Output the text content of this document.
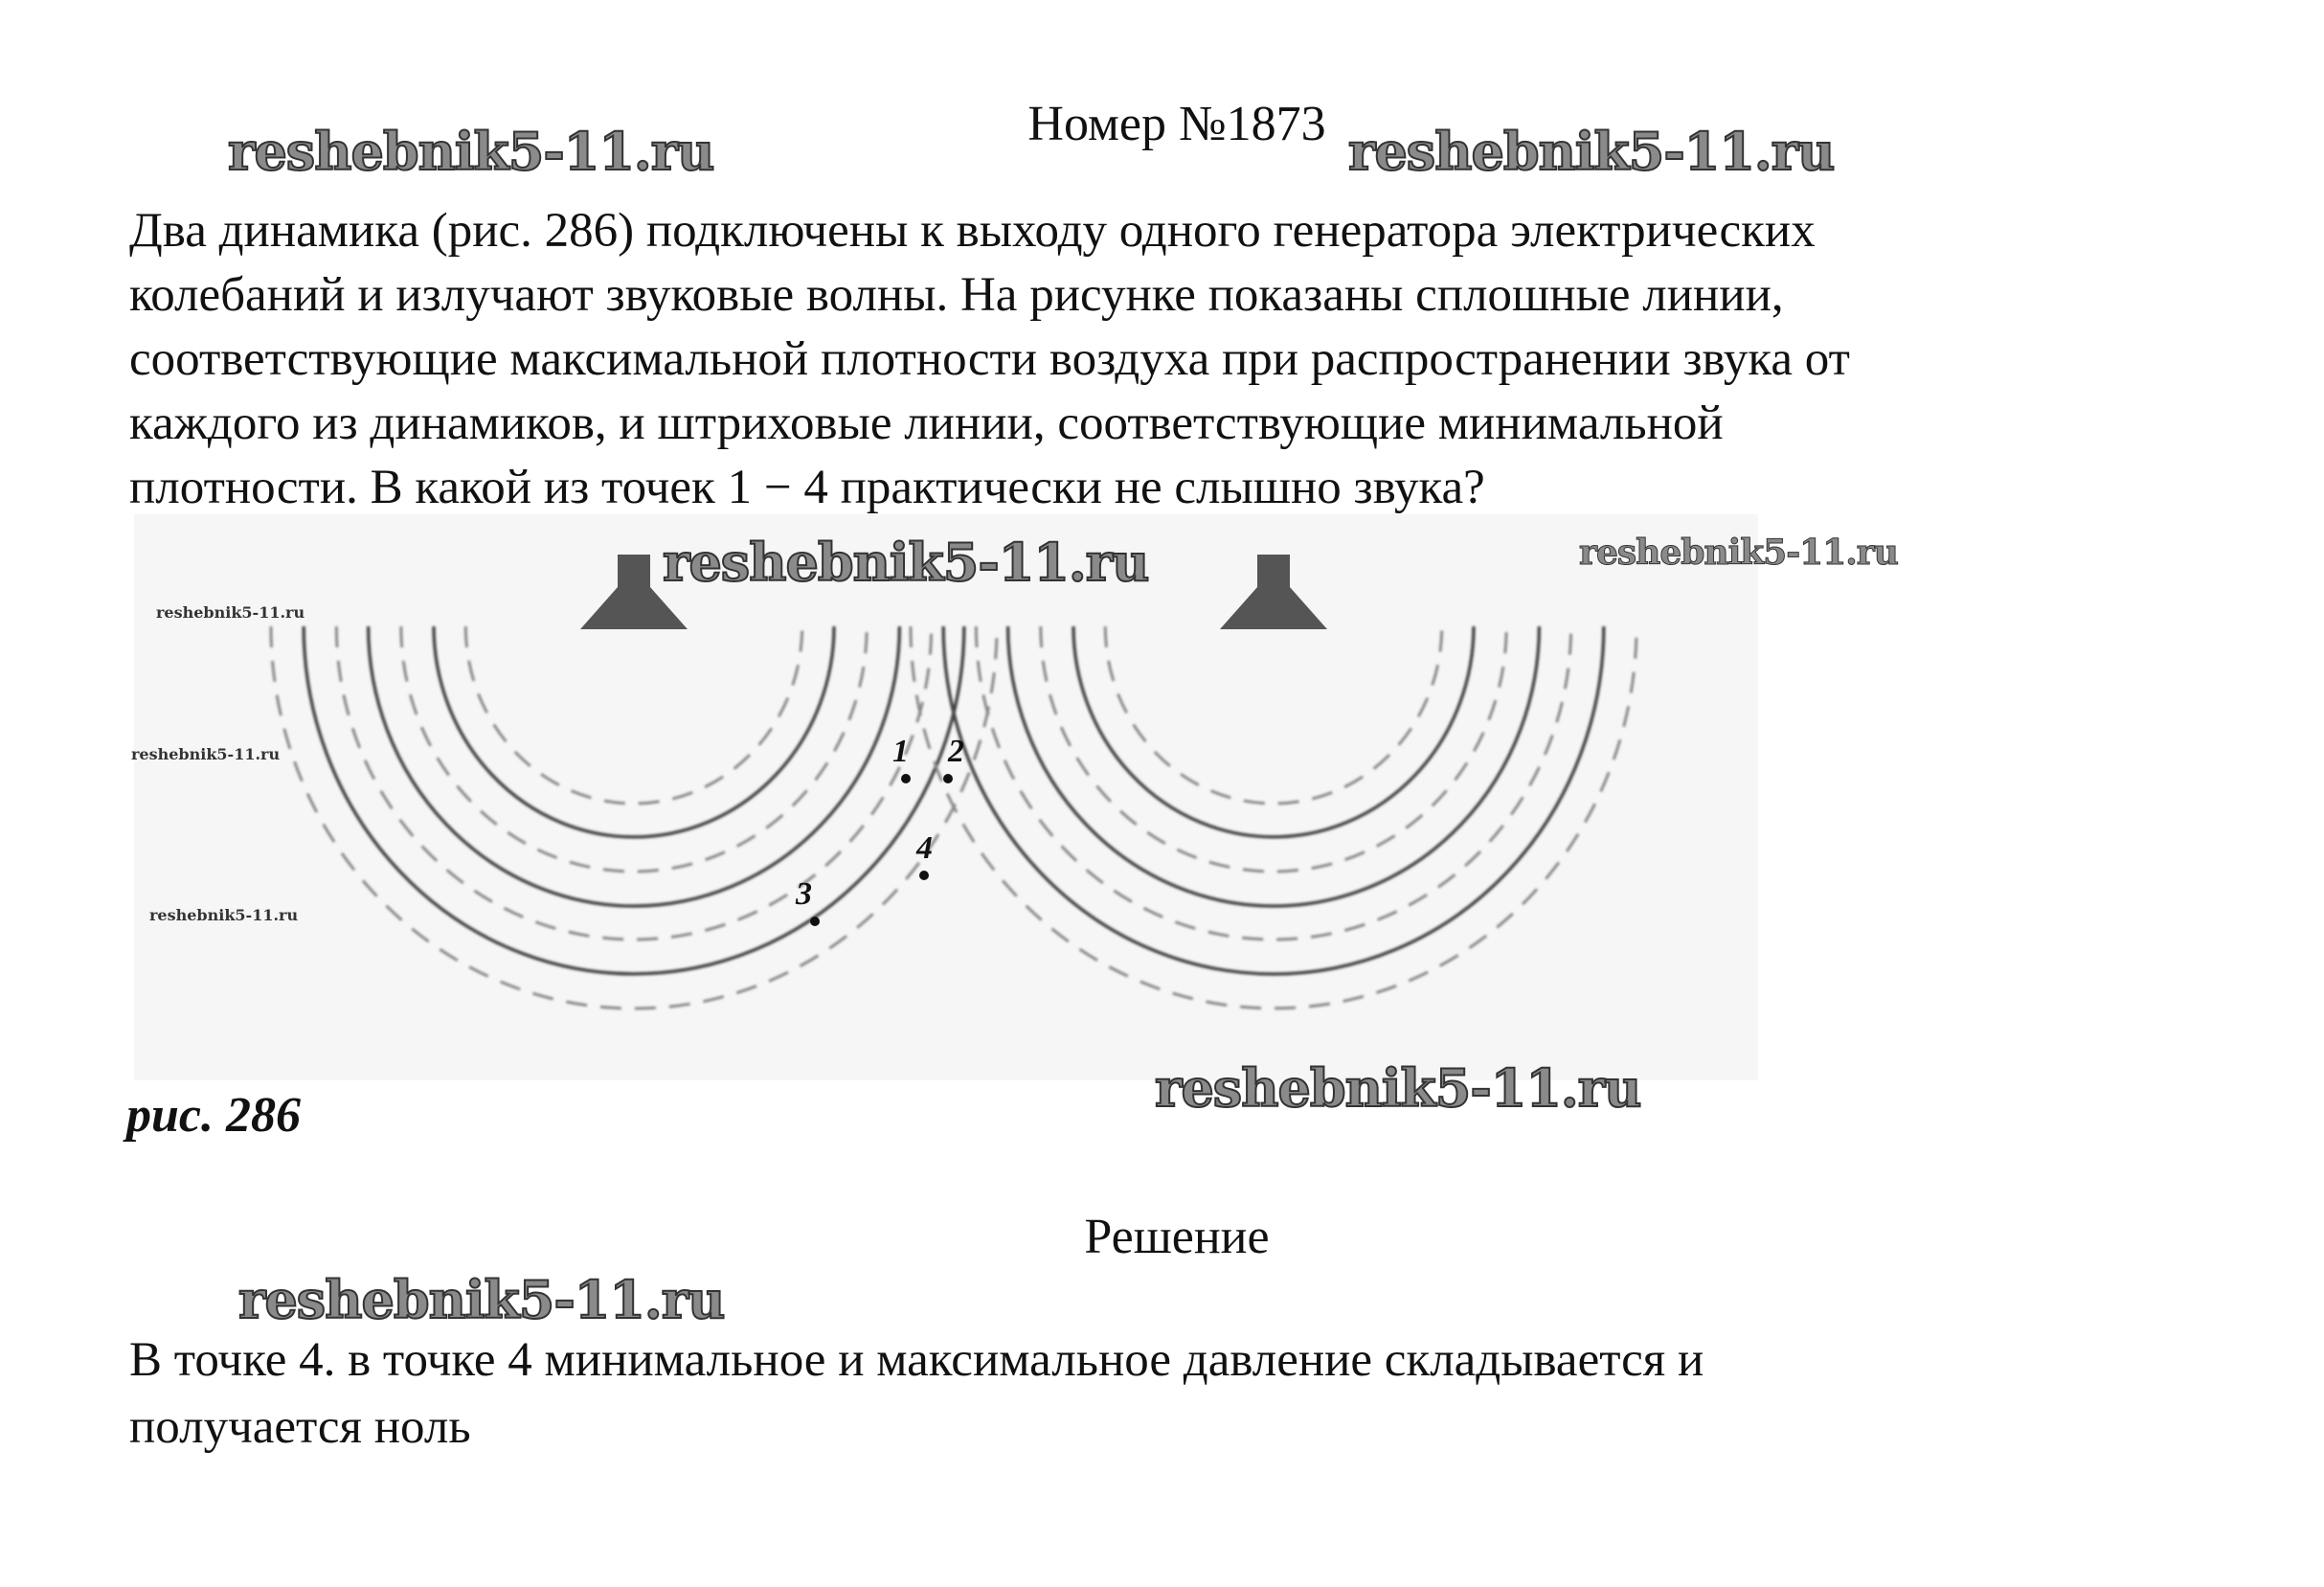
Номер №1873
Два динамика (рис. 286) подключены к выходу одного генератора электрических
колебаний и излучают звуковые волны. На рисунке показаны сплошные линии,
соответствующие максимальной плотности воздуха при распространении звука от
каждого из динамиков, и штриховые линии, соответствующие минимальной
плотности. В какой из точек 1 − 4 практически не слышно звука?
1 2
3
4
reshebnik5-11.ru	reshebnik5-11.ru
reshebnik5-11.ru	reshebnik5-11.ru
reshebnik5-11.ru
reshebnik5-11.ru
reshebnik5-11.ru
reshebnik5-11.ru
reshebnik5-11.ru
рис. 286
Решение
В точке 4. в точке 4 минимальное и максимальное давление складывается и
получается ноль
